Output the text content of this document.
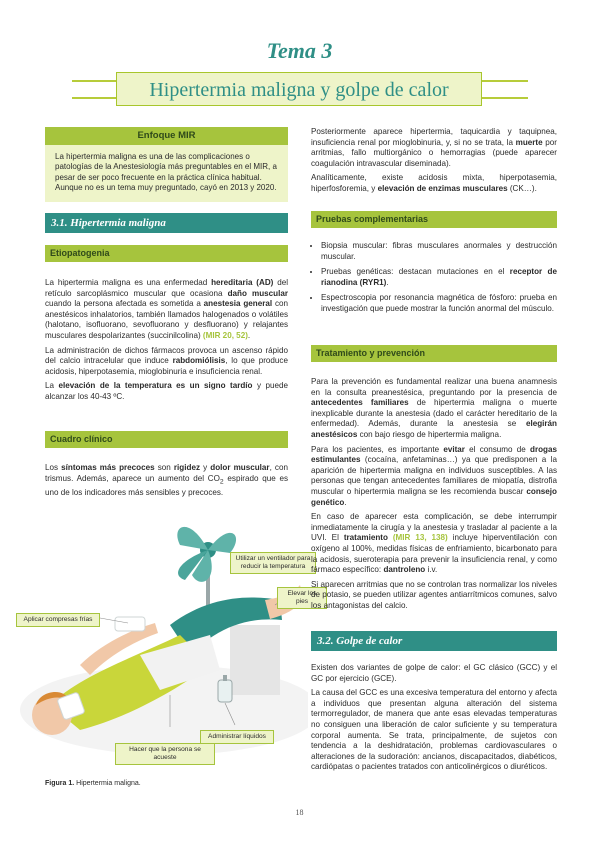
Tema 3
Hipertermia maligna y golpe de calor
Enfoque MIR
La hipertermia maligna es una de las complicaciones o patologías de la Anestesiología más preguntables en el MIR, a pesar de ser poco frecuente en la práctica clínica habitual. Aunque no es un tema muy preguntado, cayó en 2013 y 2020.
3.1. Hipertermia maligna
Etiopatogenia

La hipertermia maligna es una enfermedad hereditaria (AD) del retículo sarcoplásmico muscular que ocasiona daño muscular cuando la persona afectada es sometida a anestesia general con anestésicos inhalatorios, también llamados halogenados o volátiles (halotano, isofluorano, sevofluorano y desfluorano) y relajantes musculares despolarizantes (succinilcolina) (MIR 20, 52).

La administración de dichos fármacos provoca un ascenso rápido del calcio intracelular que induce rabdomiólisis, lo que produce acidosis, hiperpotasemia, mioglobinuria e insuficiencia renal.

La elevación de la temperatura es un signo tardío y puede alcanzar los 40-43 ºC.

Cuadro clínico

Los síntomas más precoces son rigidez y dolor muscular, con trismus. Además, aparece un aumento del $CO_2$ espirado que es uno de los indicadores más sensibles y precoces.

Utilizar un ventilador para reducir la temperatura
Elevar los pies
Aplicar compresas frías
Administrar líquidos
Hacer que la persona se acueste
Figura 1. Hipertermia maligna.

Posteriormente aparece hipertermia, taquicardia y taquipnea, insuficiencia renal por mioglobinuria, y, si no se trata, la muerte por arritmias, fallo multiorgánico o hemorragias (puede aparecer coagulación intravascular diseminada).

Analíticamente, existe acidosis mixta, hiperpotasemia, hiperfosforemia, y elevación de enzimas musculares (CK…).

Pruebas complementarias
• Biopsia muscular: fibras musculares anormales y destrucción muscular.
• Pruebas genéticas: destacan mutaciones en el receptor de rianodina (RYR1).
• Espectroscopia por resonancia magnética de fósforo: prueba en investigación que puede mostrar la función anormal del músculo.
Tratamiento y prevención

Para la prevención es fundamental realizar una buena anamnesis en la consulta preanestésica, preguntando por la presencia de antecedentes familiares de hipertermia maligna o muerte inexplicable durante la anestesia (dado el carácter hereditario de la enfermedad). Además, durante la anestesia se elegirán anestésicos con bajo riesgo de hipertermia maligna.

Para los pacientes, es importante evitar el consumo de drogas estimulantes (cocaína, anfetaminas…) ya que predisponen a la aparición de hipertermia maligna en individuos susceptibles. A las personas que tengan antecedentes familiares de miopatía, distrofia muscular o hipertermia maligna se les recomienda buscar consejo genético.

En caso de aparecer esta complicación, se debe interrumpir inmediatamente la cirugía y la anestesia y trasladar al paciente a la UVI. El tratamiento (MIR 13, 138) incluye hiperventilación con oxígeno al 100%, medidas físicas de enfriamiento, bicarbonato para la acidosis, sueroterapia para prevenir la insuficiencia renal, y como fármaco específico: dantroleno i.v.

Si aparecen arritmias que no se controlan tras normalizar los niveles de potasio, se pueden utilizar agentes antiarrítmicos comunes, salvo los antagonistas del calcio.

3.2. Golpe de calor

Existen dos variantes de golpe de calor: el GC clásico (GCC) y el GC por ejercicio (GCE).

La causa del GCC es una excesiva temperatura del entorno y afecta a individuos que presentan alguna alteración del sistema termorregulador, de manera que ante esas elevadas temperaturas no consiguen una liberación de calor suficiente y su temperatura corporal aumenta. Se trata, principalmente, de sujetos con tendencia a la deshidratación, problemas cardiovasculares o alteraciones de la sudoración: ancianos, discapacitados, diabéticos, cardiópatas o pacientes tratados con anticolinérgicos o diuréticos.

18
